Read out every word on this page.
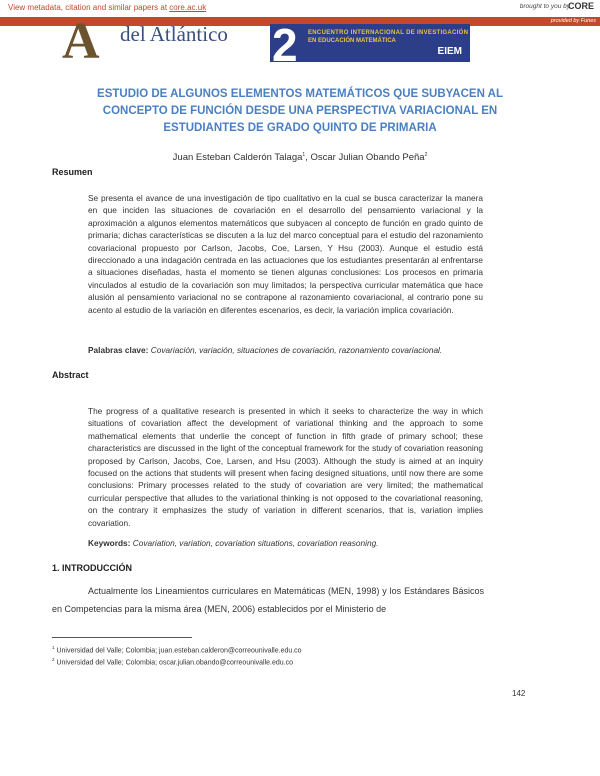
View metadata, citation and similar papers at core.ac.uk	brought to you by
CORE
provided by Funes
A del Atlántico 2 ENCUENTRO INTERNACIONAL DE INVESTIGACIÓN
EN EDUCACIÓN MATEMÁTICA
EIEM
ESTUDIO DE ALGUNOS ELEMENTOS MATEMÁTICOS QUE SUBYACEN AL CONCEPTO DE FUNCIÓN DESDE UNA PERSPECTIVA VARIACIONAL EN ESTUDIANTES DE GRADO QUINTO DE PRIMARIA
Juan Esteban Calderón Talaga$^1$, Oscar Julian Obando Peña$^2$
Resumen
Se presenta el avance de una investigación de tipo cualitativo en la cual se busca caracterizar la manera en que inciden las situaciones de covariación en el desarrollo del pensamiento variacional y la aproximación a algunos elementos matemáticos que subyacen al concepto de función en grado quinto de primaria; dichas características se discuten a la luz del marco conceptual para el estudio del razonamiento covariacional propuesto por Carlson, Jacobs, Coe, Larsen, Y Hsu (2003). Aunque el estudio está direccionado a una indagación centrada en las actuaciones que los estudiantes presentarán al enfrentarse a situaciones diseñadas, hasta el momento se tienen algunas conclusiones: Los procesos en primaria vinculados al estudio de la covariación son muy limitados; la perspectiva curricular matemática que hace alusión al pensamiento variacional no se contrapone al razonamiento covariacional, al contrario pone su acento al estudio de la variación en diferentes escenarios, es decir, la variación implica covariación.
Palabras clave: Covariación, variación, situaciones de covariación, razonamiento covariacional.
Abstract
The progress of a qualitative research is presented in which it seeks to characterize the way in which situations of covariation affect the development of variational thinking and the approach to some mathematical elements that underlie the concept of function in fifth grade of primary school; these characteristics are discussed in the light of the conceptual framework for the study of covariation reasoning proposed by Carlson, Jacobs, Coe, Larsen, and Hsu (2003). Although the study is aimed at an inquiry focused on the actions that students will present when facing designed situations, until now there are some conclusions: Primary processes related to the study of covariation are very limited; the mathematical curricular perspective that alludes to the variational thinking is not opposed to the covariational reasoning, on the contrary it emphasizes the study of variation in different scenarios, that is, variation implies covariation.
Keywords: Covariation, variation, covariation situations, covariation reasoning.
1. INTRODUCCIÓN
Actualmente los Lineamientos curriculares en Matemáticas (MEN, 1998) y los Estándares Básicos en Competencias para la misma área (MEN, 2006) establecidos por el Ministerio de
$^1$ Universidad del Valle; Colombia; juan.esteban.calderon@correounivalle.edu.co
$^2$ Universidad del Valle; Colombia; oscar.julian.obando@correounivalle.edu.co
142
